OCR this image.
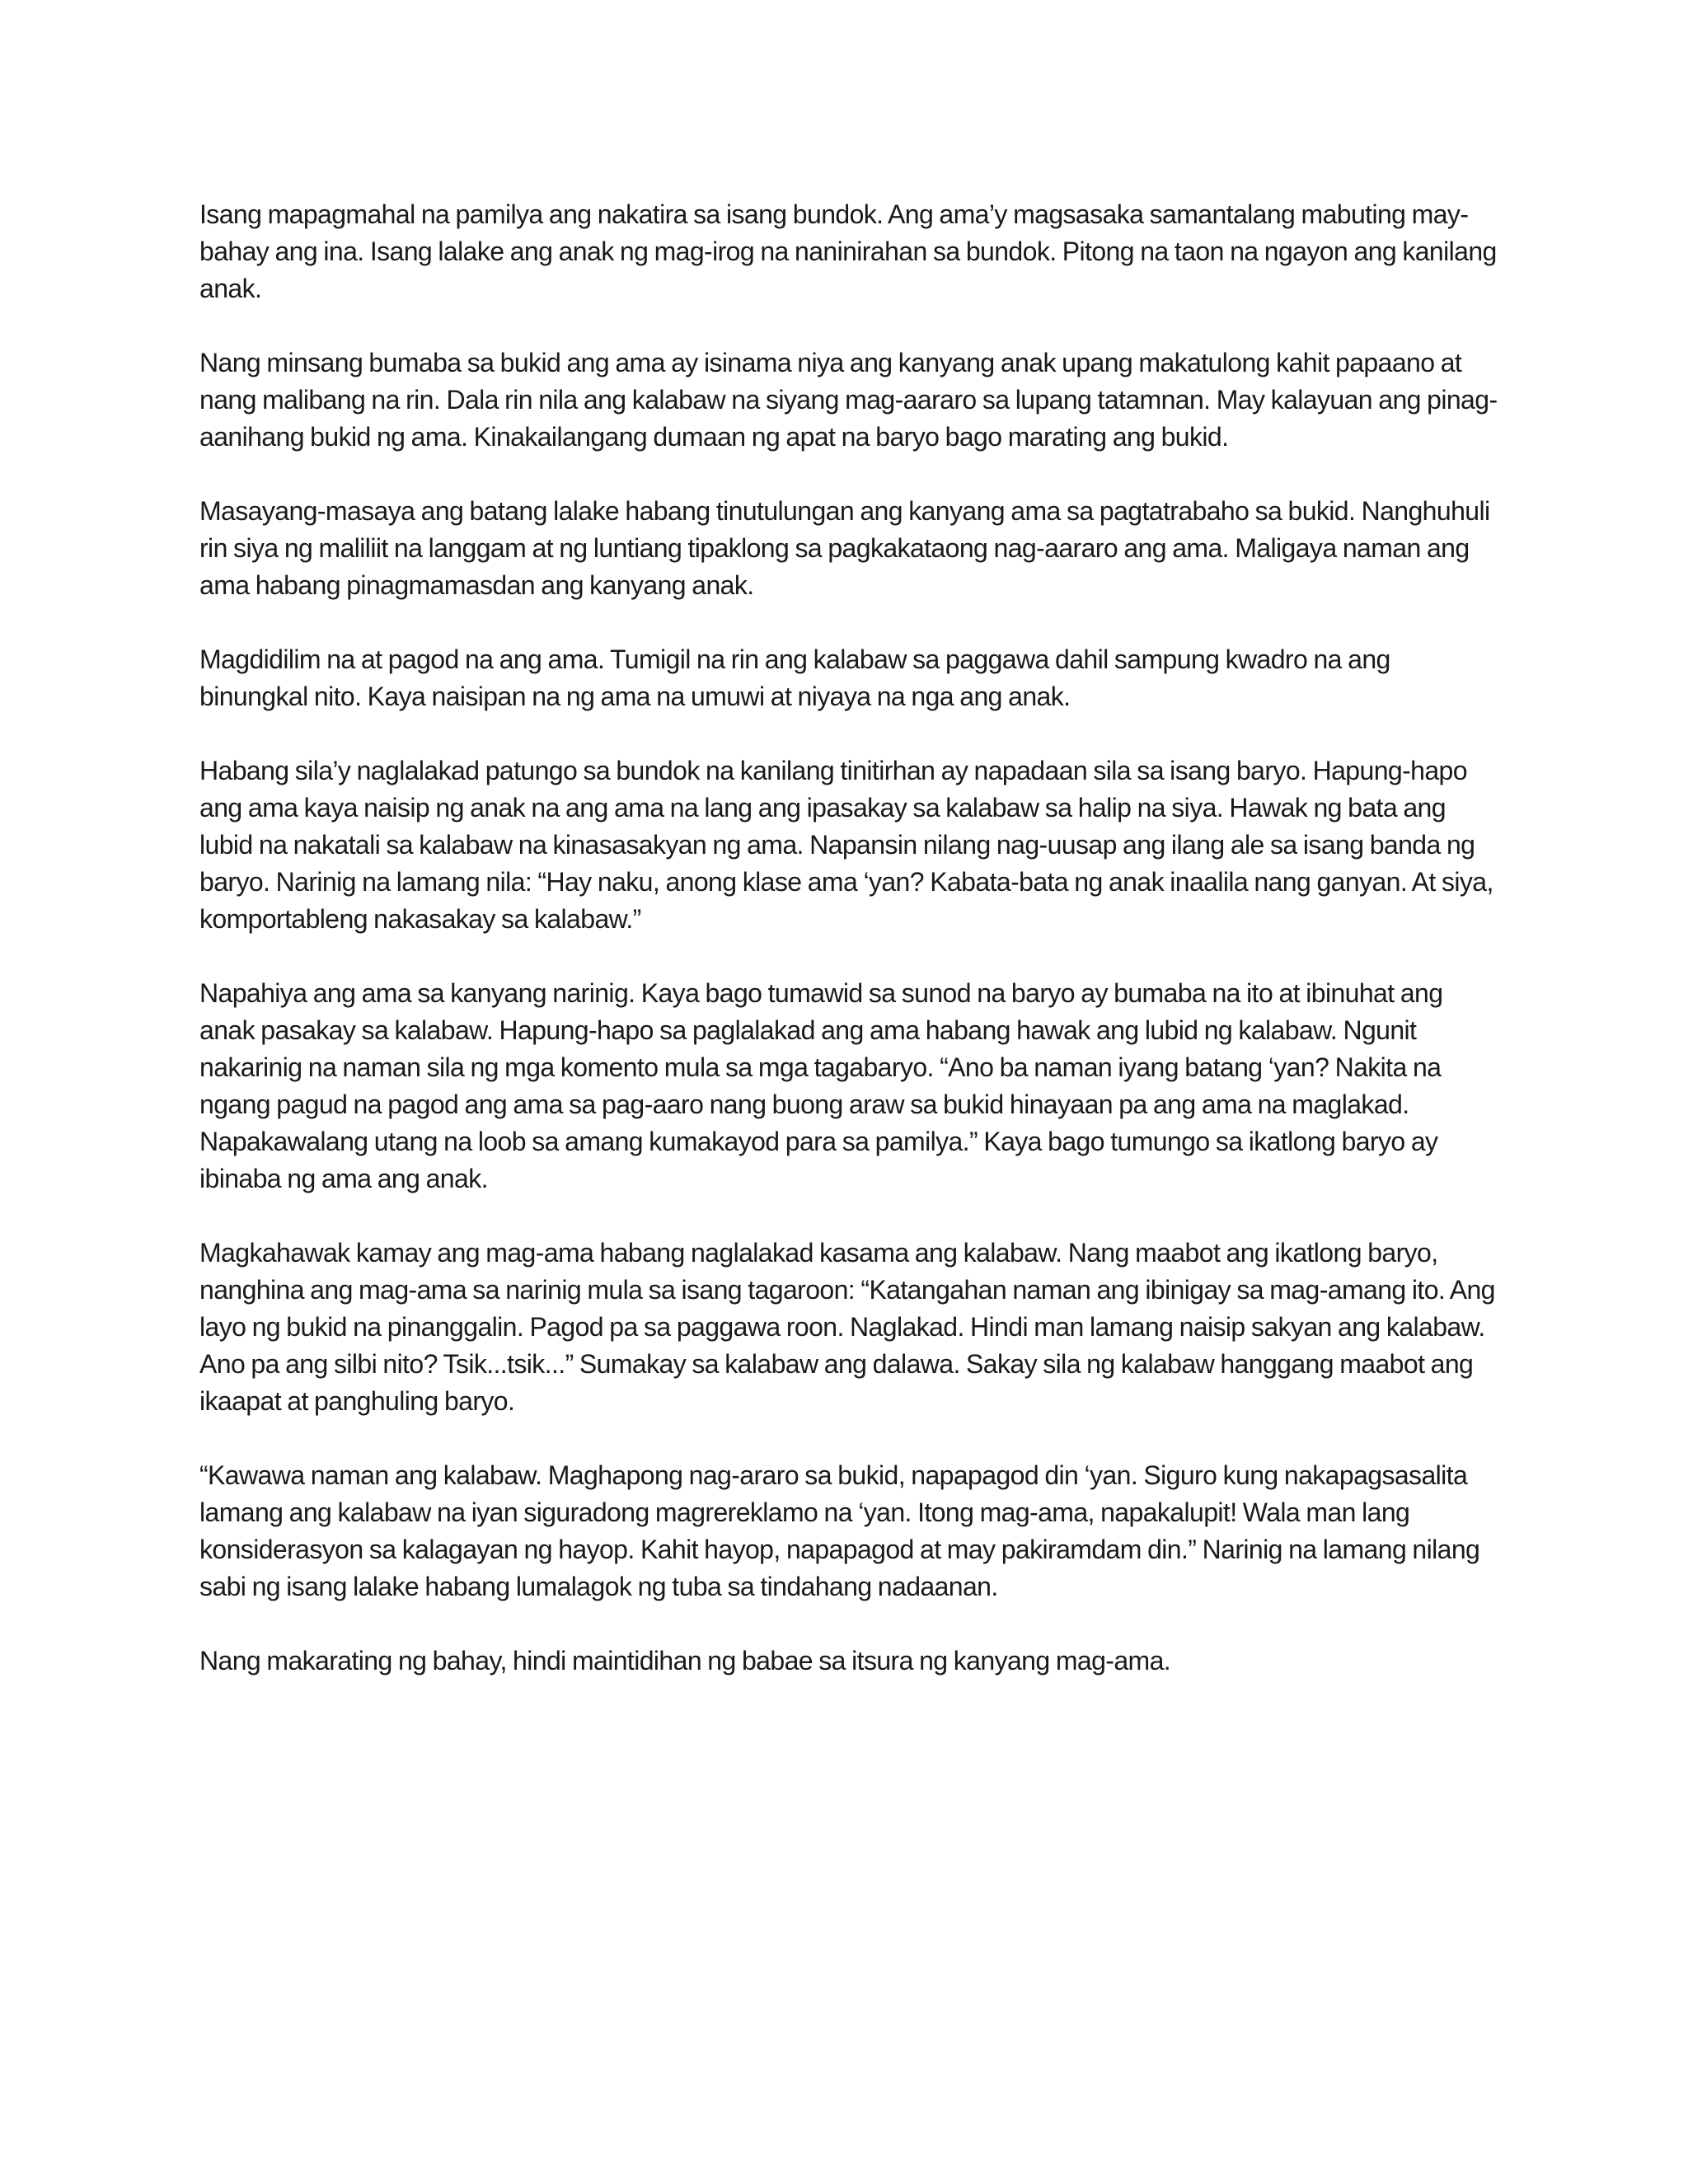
Isang mapagmahal na pamilya ang nakatira sa isang bundok. Ang ama’y magsasaka samantalang mabuting may-bahay ang ina. Isang lalake ang anak ng mag-irog na naninirahan sa bundok. Pitong na taon na ngayon ang kanilang anak.

Nang minsang bumaba sa bukid ang ama ay isinama niya ang kanyang anak upang makatulong kahit papaano at nang malibang na rin. Dala rin nila ang kalabaw na siyang mag-aararo sa lupang tatamnan. May kalayuan ang pinag-aanihang bukid ng ama. Kinakailangang dumaan ng apat na baryo bago marating ang bukid.

Masayang-masaya ang batang lalake habang tinutulungan ang kanyang ama sa pagtatrabaho sa bukid. Nanghuhuli rin siya ng maliliit na langgam at ng luntiang tipaklong sa pagkakataong nag-aararo ang ama. Maligaya naman ang ama habang pinagmamasdan ang kanyang anak.

Magdidilim na at pagod na ang ama. Tumigil na rin ang kalabaw sa paggawa dahil sampung kwadro na ang binungkal nito. Kaya naisipan na ng ama na umuwi at niyaya na nga ang anak.

Habang sila’y naglalakad patungo sa bundok na kanilang tinitirhan ay napadaan sila sa isang baryo. Hapung-hapo ang ama kaya naisip ng anak na ang ama na lang ang ipasakay sa kalabaw sa halip na siya. Hawak ng bata ang lubid na nakatali sa kalabaw na kinasasakyan ng ama. Napansin nilang nag-uusap ang ilang ale sa isang banda ng baryo. Narinig na lamang nila: “Hay naku, anong klase ama ‘yan? Kabata-bata ng anak inaalila nang ganyan. At siya, komportableng nakasakay sa kalabaw.”

Napahiya ang ama sa kanyang narinig. Kaya bago tumawid sa sunod na baryo ay bumaba na ito at ibinuhat ang anak pasakay sa kalabaw. Hapung-hapo sa paglalakad ang ama habang hawak ang lubid ng kalabaw. Ngunit nakarinig na naman sila ng mga komento mula sa mga tagabaryo. “Ano ba naman iyang batang ‘yan? Nakita na ngang pagud na pagod ang ama sa pag-aaro nang buong araw sa bukid hinayaan pa ang ama na maglakad. Napakawalang utang na loob sa amang kumakayod para sa pamilya.” Kaya bago tumungo sa ikatlong baryo ay ibinaba ng ama ang anak.

Magkahawak kamay ang mag-ama habang naglalakad kasama ang kalabaw. Nang maabot ang ikatlong baryo, nanghina ang mag-ama sa narinig mula sa isang tagaroon: “Katangahan naman ang ibinigay sa mag-amang ito. Ang layo ng bukid na pinanggalin. Pagod pa sa paggawa roon. Naglakad. Hindi man lamang naisip sakyan ang kalabaw. Ano pa ang silbi nito? Tsik...tsik...” Sumakay sa kalabaw ang dalawa. Sakay sila ng kalabaw hanggang maabot ang ikaapat at panghuling baryo.

“Kawawa naman ang kalabaw. Maghapong nag-araro sa bukid, napapagod din ‘yan. Siguro kung nakapagsasalita lamang ang kalabaw na iyan siguradong magrereklamo na ‘yan. Itong mag-ama, napakalupit! Wala man lang konsiderasyon sa kalagayan ng hayop. Kahit hayop, napapagod at may pakiramdam din.” Narinig na lamang nilang sabi ng isang lalake habang lumalagok ng tuba sa tindahang nadaanan.

Nang makarating ng bahay, hindi maintidihan ng babae sa itsura ng kanyang mag-ama.
